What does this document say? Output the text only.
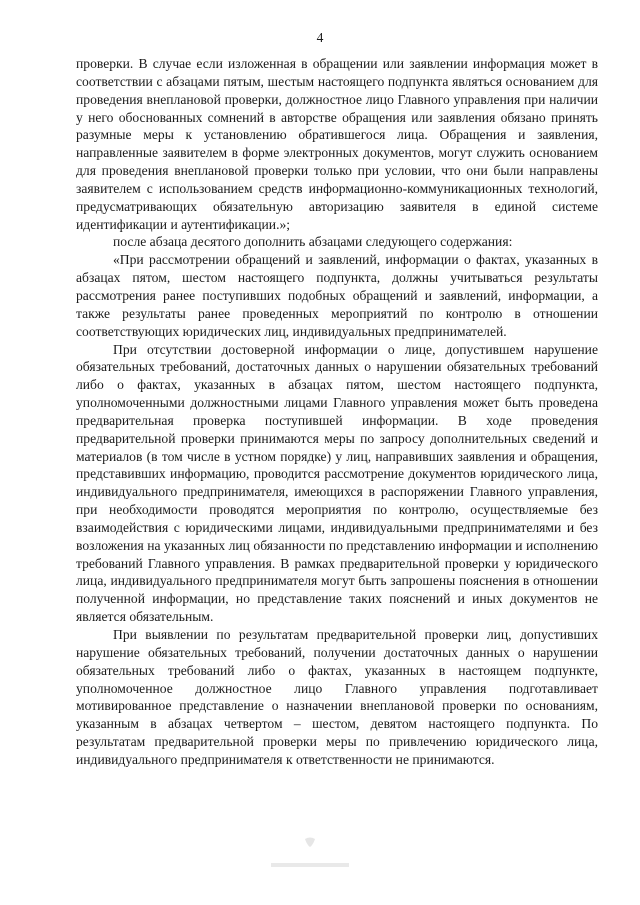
4

проверки. В случае если изложенная в обращении или заявлении информация может в соответствии с абзацами пятым, шестым настоящего подпункта являться основанием для проведения внеплановой проверки, должностное лицо Главного управления при наличии у него обоснованных сомнений в авторстве обращения или заявления обязано принять разумные меры к установлению обратившегося лица. Обращения и заявления, направленные заявителем в форме электронных документов, могут служить основанием для проведения внеплановой проверки только при условии, что они были направлены заявителем с использованием средств информационно-коммуникационных технологий, предусматривающих обязательную авторизацию заявителя в единой системе идентификации и аутентификации.»;

после абзаца десятого дополнить абзацами следующего содержания:

«При рассмотрении обращений и заявлений, информации о фактах, указанных в абзацах пятом, шестом настоящего подпункта, должны учитываться результаты рассмотрения ранее поступивших подобных обращений и заявлений, информации, а также результаты ранее проведенных мероприятий по контролю в отношении соответствующих юридических лиц, индивидуальных предпринимателей.

При отсутствии достоверной информации о лице, допустившем нарушение обязательных требований, достаточных данных о нарушении обязательных требований либо о фактах, указанных в абзацах пятом, шестом настоящего подпункта, уполномоченными должностными лицами Главного управления может быть проведена предварительная проверка поступившей информации. В ходе проведения предварительной проверки принимаются меры по запросу дополнительных сведений и материалов (в том числе в устном порядке) у лиц, направивших заявления и обращения, представивших информацию, проводится рассмотрение документов юридического лица, индивидуального предпринимателя, имеющихся в распоряжении Главного управления, при необходимости проводятся мероприятия по контролю, осуществляемые без взаимодействия с юридическими лицами, индивидуальными предпринимателями и без возложения на указанных лиц обязанности по представлению информации и исполнению требований Главного управления. В рамках предварительной проверки у юридического лица, индивидуального предпринимателя могут быть запрошены пояснения в отношении полученной информации, но представление таких пояснений и иных документов не является обязательным.

При выявлении по результатам предварительной проверки лиц, допустивших нарушение обязательных требований, получении достаточных данных о нарушении обязательных требований либо о фактах, указанных в настоящем подпункте, уполномоченное должностное лицо Главного управления подготавливает мотивированное представление о назначении внеплановой проверки по основаниям, указанным в абзацах четвертом – шестом, девятом настоящего подпункта. По результатам предварительной проверки меры по привлечению юридического лица, индивидуального предпринимателя к ответственности не принимаются.
